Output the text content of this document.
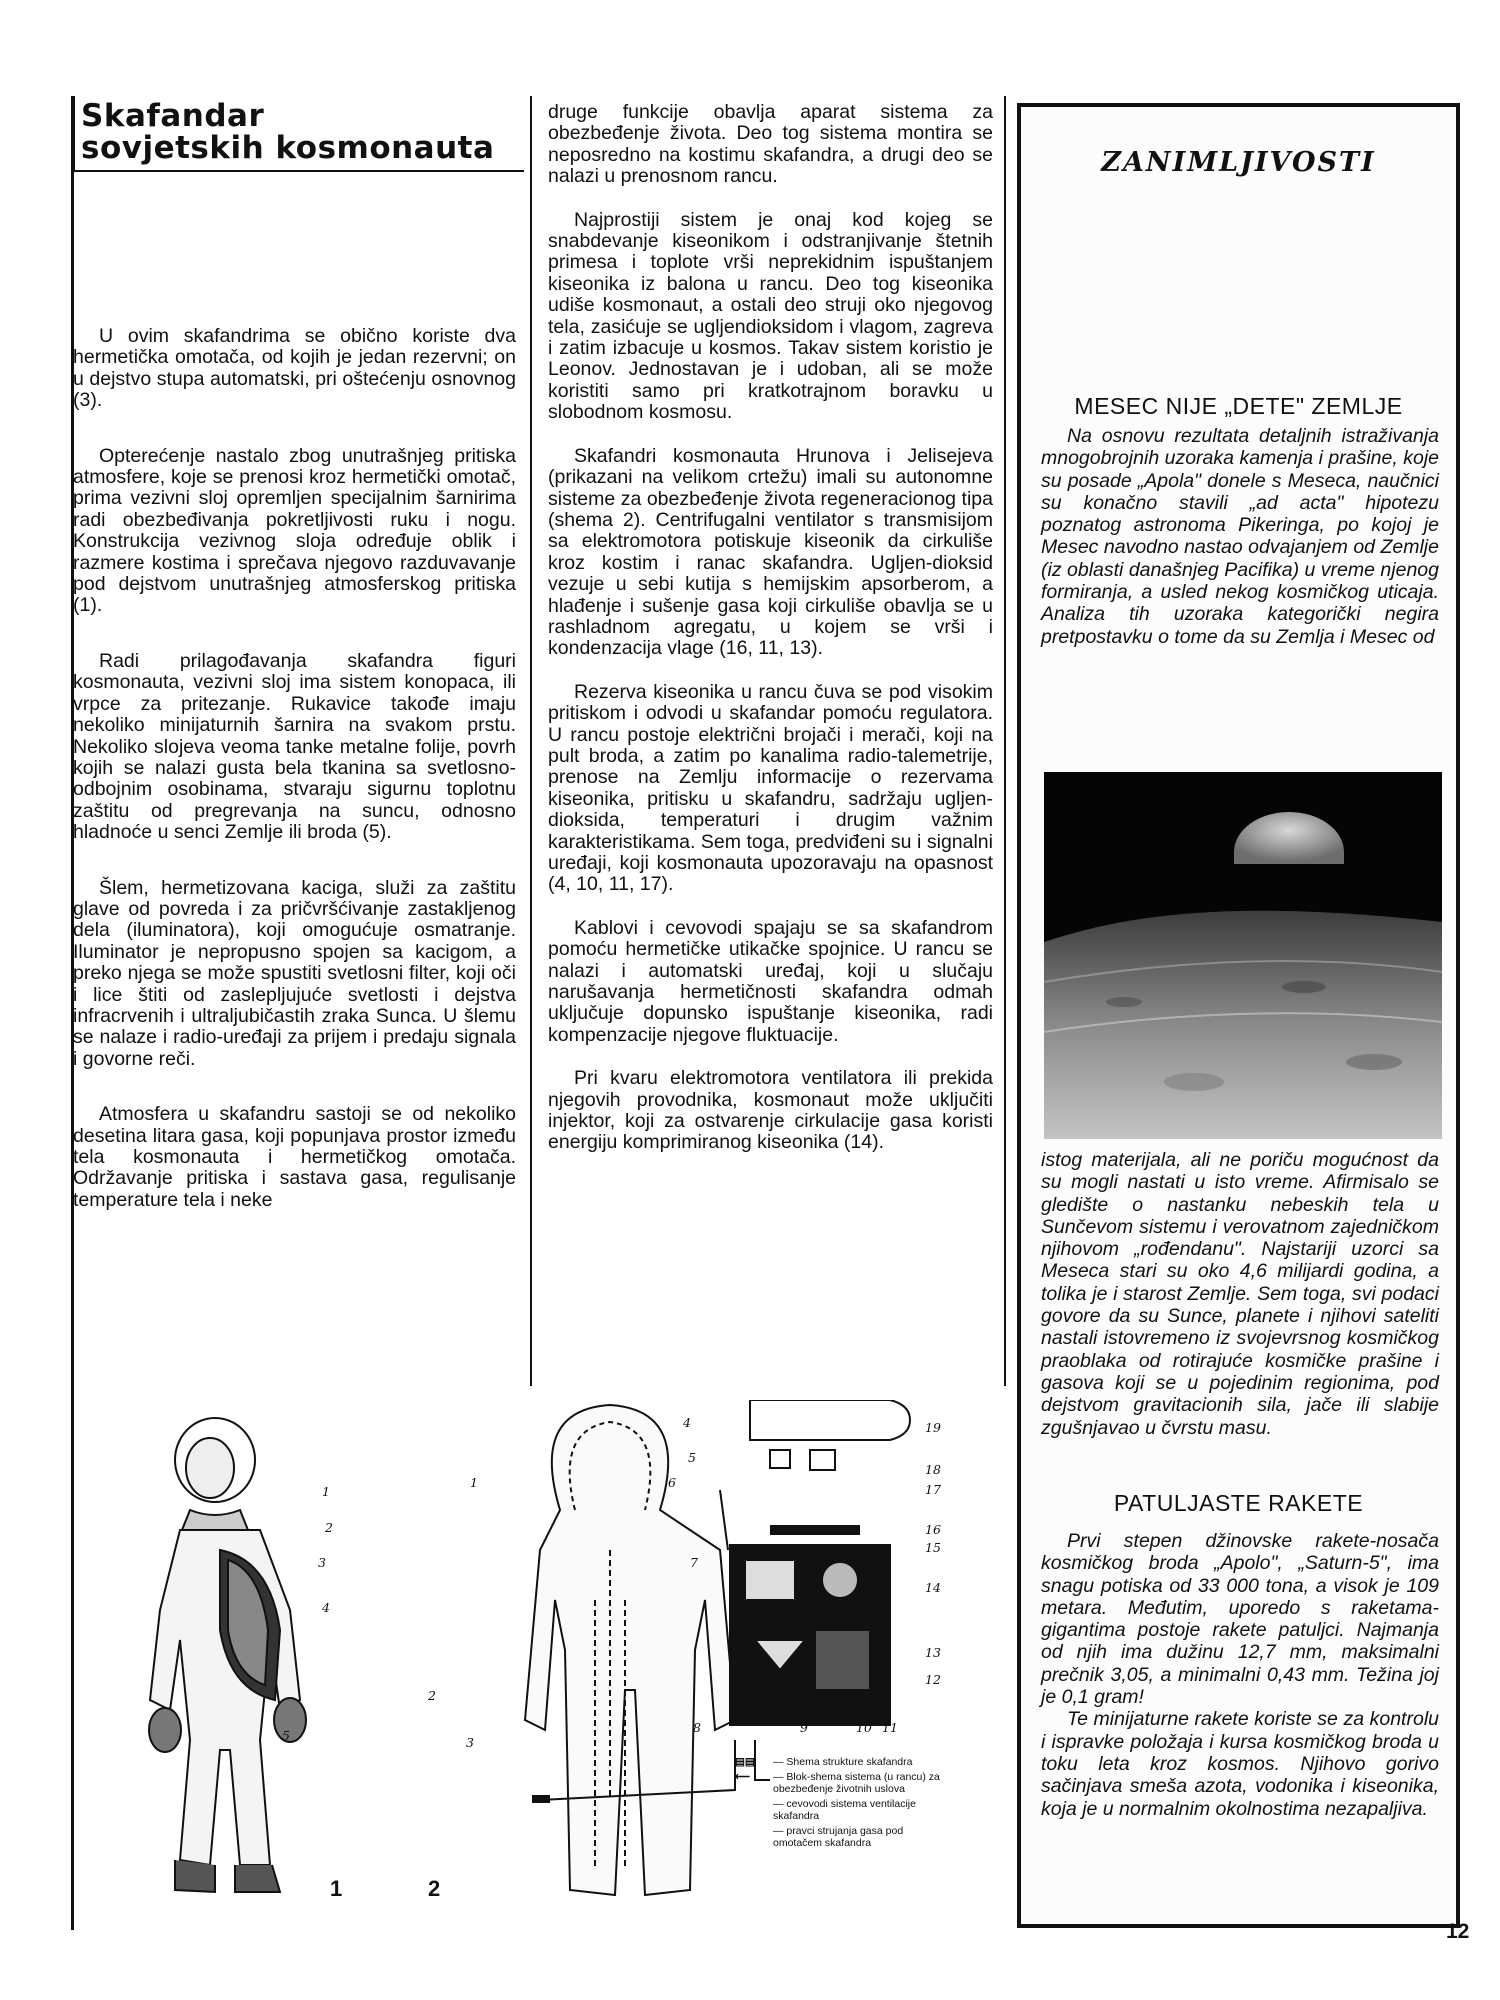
Skafandar
sovjetskih kosmonauta

U ovim skafandrima se obično koriste dva hermetička omotača, od kojih je jedan rezervni; on u dejstvo stupa automatski, pri oštećenju osnovnog (3).

Opterećenje nastalo zbog unutrašnjeg pritiska atmosfere, koje se prenosi kroz hermetički omotač, prima vezivni sloj opremljen specijalnim šarnirima radi obezbeđivanja pokretljivosti ruku i nogu. Konstrukcija vezivnog sloja određuje oblik i razmere kostima i sprečava njegovo razduvavanje pod dejstvom unutrašnjeg atmosferskog pritiska (1).

Radi prilagođavanja skafandra figuri kosmonauta, vezivni sloj ima sistem konopaca, ili vrpce za pritezanje. Rukavice takođe imaju nekoliko minijaturnih šarnira na svakom prstu. Nekoliko slojeva veoma tanke metalne folije, povrh kojih se nalazi gusta bela tkanina sa svetlosno-odbojnim osobinama, stvaraju sigurnu toplotnu zaštitu od pregrevanja na suncu, odnosno hladnoće u senci Zemlje ili broda (5).

Šlem, hermetizovana kaciga, služi za zaštitu glave od povreda i za pričvršćivanje zastakljenog dela (iluminatora), koji omogućuje osmatranje. Iluminator je nepropusno spojen sa kacigom, a preko njega se može spustiti svetlosni filter, koji oči i lice štiti od zaslepljujuće svetlosti i dejstva infracrvenih i ultraljubičastih zraka Sunca. U šlemu se nalaze i radio-uređaji za prijem i predaju signala i govorne reči.

Atmosfera u skafandru sastoji se od nekoliko desetina litara gasa, koji popunjava prostor između tela kosmonauta i hermetičkog omotača. Održavanje pritiska i sastava gasa, regulisanje temperature tela i neke

druge funkcije obavlja aparat sistema za obezbeđenje života. Deo tog sistema montira se neposredno na kostimu skafandra, a drugi deo se nalazi u prenosnom rancu.

Najprostiji sistem je onaj kod kojeg se snabdevanje kiseonikom i odstranjivanje štetnih primesa i toplote vrši neprekidnim ispuštanjem kiseonika iz balona u rancu. Deo tog kiseonika udiše kosmonaut, a ostali deo struji oko njegovog tela, zasićuje se ugljendioksidom i vlagom, zagreva i zatim izbacuje u kosmos. Takav sistem koristio je Leonov. Jednostavan je i udoban, ali se može koristiti samo pri kratkotrajnom boravku u slobodnom kosmosu.

Skafandri kosmonauta Hrunova i Jelisejeva (prikazani na velikom crtežu) imali su autonomne sisteme za obezbeđenje života regeneracionog tipa (shema 2). Centrifugalni ventilator s transmisijom sa elektromotora potiskuje kiseonik da cirkuliše kroz kostim i ranac skafandra. Ugljen-dioksid vezuje u sebi kutija s hemijskim apsorberom, a hlađenje i sušenje gasa koji cirkuliše obavlja se u rashladnom agregatu, u kojem se vrši i kondenzacija vlage (16, 11, 13).

Rezerva kiseonika u rancu čuva se pod visokim pritiskom i odvodi u skafandar pomoću regulatora. U rancu postoje električni brojači i merači, koji na pult broda, a zatim po kanalima radio-talemetrije, prenose na Zemlju informacije o rezervama kiseonika, pritisku u skafandru, sadržaju ugljen-dioksida, temperaturi i drugim važnim karakteristikama. Sem toga, predviđeni su i signalni uređaji, koji kosmonauta upozoravaju na opasnost (4, 10, 11, 17).

Kablovi i cevovodi spajaju se sa skafandrom pomoću hermetičke utikačke spojnice. U rancu se nalazi i automatski uređaj, koji u slučaju narušavanja hermetičnosti skafandra odmah uključuje dopunsko ispuštanje kiseonika, radi kompenzacije njegove fluktuacije.

Pri kvaru elektromotora ventilatora ili prekida njegovih provodnika, kosmonaut može uključiti injektor, koji za ostvarenje cirkulacije gasa koristi energiju komprimiranog kiseonika (14).

ZANIMLJIVOSTI
MESEC NIJE „DETE" ZEMLJE

Na osnovu rezultata detaljnih istraživanja mnogobrojnih uzoraka kamenja i prašine, koje su posade „Apola" donele s Meseca, naučnici su konačno stavili „ad acta" hipotezu poznatog astronoma Pikeringa, po kojoj je Mesec navodno nastao odvajanjem od Zemlje (iz oblasti današnjeg Pacifika) u vreme njenog formiranja, a usled nekog kosmičkog uticaja. Analiza tih uzoraka kategorički negira pretpostavku o tome da su Zemlja i Mesec od

istog materijala, ali ne poriču mogućnost da su mogli nastati u isto vreme. Afirmisalo se gledište o nastanku nebeskih tela u Sunčevom sistemu i verovatnom zajedničkom njihovom „rođendanu". Najstariji uzorci sa Meseca stari su oko 4,6 milijardi godina, a tolika je i starost Zemlje. Sem toga, svi podaci govore da su Sunce, planete i njihovi sateliti nastali istovremeno iz svojevrsnog kosmičkog praoblaka od rotirajuće kosmičke prašine i gasova koji se u pojedinim regionima, pod dejstvom gravitacionih sila, jače ili slabije zgušnjavao u čvrstu masu.

PATULJASTE RAKETE

Prvi stepen džinovske rakete-nosača kosmičkog broda „Apolo", „Saturn-5", ima snagu potiska od 33 000 tona, a visok je 109 metara. Međutim, uporedo s raketama-gigantima postoje rakete patuljci. Najmanja od njih ima dužinu 12,7 mm, maksimalni prečnik 3,05, a minimalni 0,43 mm. Težina joj je 0,1 gram!

Te minijaturne rakete koriste se za kontrolu i ispravke položaja i kursa kosmičkog broda u toku leta kroz kosmos. Njihovo gorivo sačinjava smeša azota, vodonika i kiseonika, koja je u normalnim okolnostima nezapaljiva.

1
2
3
4
5
1
1
2
3
4
5
6
7
8	9	10 11
12
13
14
15
16
17
18
19
2
▤▤	— Shema strukture skafandra
⟵	— Blok-shema sistema (u rancu) za obezbeđenje životnih uslova
— cevovodi sistema ventilacije skafandra
— pravci strujanja gasa pod omotačem skafandra
12
